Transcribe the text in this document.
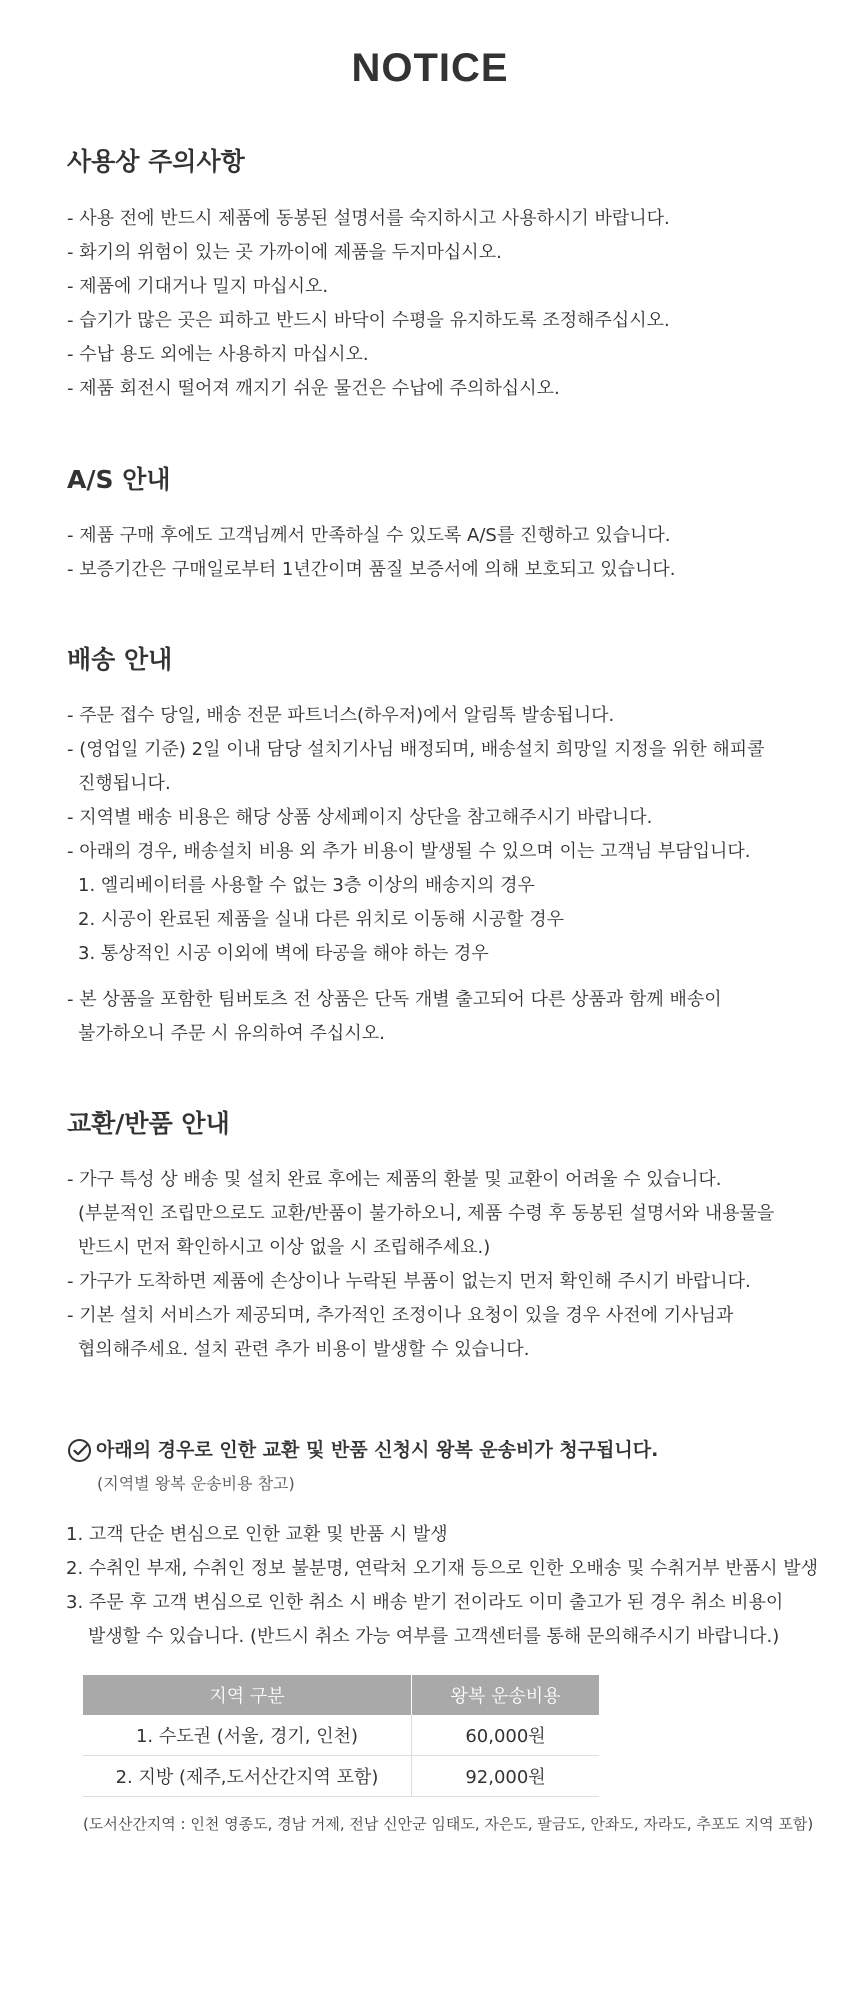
NOTICE
사용상 주의사항
- 사용 전에 반드시 제품에 동봉된 설명서를 숙지하시고 사용하시기 바랍니다.
- 화기의 위험이 있는 곳 가까이에 제품을 두지마십시오.
- 제품에 기대거나 밀지 마십시오.
- 습기가 많은 곳은 피하고 반드시 바닥이 수평을 유지하도록 조정해주십시오.
- 수납 용도 외에는 사용하지 마십시오.
- 제품 회전시 떨어져 깨지기 쉬운 물건은 수납에 주의하십시오.
A/S 안내
- 제품 구매 후에도 고객님께서 만족하실 수 있도록 A/S를 진행하고 있습니다.
- 보증기간은 구매일로부터 1년간이며 품질 보증서에 의해 보호되고 있습니다.
배송 안내
- 주문 접수 당일, 배송 전문 파트너스(하우저)에서 알림톡 발송됩니다.
- (영업일 기준) 2일 이내 담당 설치기사님 배정되며, 배송설치 희망일 지정을 위한 해피콜
진행됩니다.
- 지역별 배송 비용은 해당 상품 상세페이지 상단을 참고해주시기 바랍니다.
- 아래의 경우, 배송설치 비용 외 추가 비용이 발생될 수 있으며 이는 고객님 부담입니다.
1. 엘리베이터를 사용할 수 없는 3층 이상의 배송지의 경우
2. 시공이 완료된 제품을 실내 다른 위치로 이동해 시공할 경우
3. 통상적인 시공 이외에 벽에 타공을 해야 하는 경우
- 본 상품을 포함한 팀버토츠 전 상품은 단독 개별 출고되어 다른 상품과 함께 배송이
불가하오니 주문 시 유의하여 주십시오.
교환/반품 안내
- 가구 특성 상 배송 및 설치 완료 후에는 제품의 환불 및 교환이 어려울 수 있습니다.
(부분적인 조립만으로도 교환/반품이 불가하오니, 제품 수령 후 동봉된 설명서와 내용물을
반드시 먼저 확인하시고 이상 없을 시 조립해주세요.)
- 가구가 도착하면 제품에 손상이나 누락된 부품이 없는지 먼저 확인해 주시기 바랍니다.
- 기본 설치 서비스가 제공되며, 추가적인 조정이나 요청이 있을 경우 사전에 기사님과
협의해주세요. 설치 관련 추가 비용이 발생할 수 있습니다.
아래의 경우로 인한 교환 및 반품 신청시 왕복 운송비가 청구됩니다.
(지역별 왕복 운송비용 참고)
1. 고객 단순 변심으로 인한 교환 및 반품 시 발생
2. 수취인 부재, 수취인 정보 불분명, 연락처 오기재 등으로 인한 오배송 및 수취거부 반품시 발생
3. 주문 후 고객 변심으로 인한 취소 시 배송 받기 전이라도 이미 출고가 된 경우 취소 비용이
발생할 수 있습니다. (반드시 취소 가능 여부를 고객센터를 통해 문의해주시기 바랍니다.)
지역 구분	왕복 운송비용
1. 수도권 (서울, 경기, 인천)	60,000원
2. 지방 (제주,도서산간지역 포함)	92,000원
(도서산간지역 : 인천 영종도, 경남 거제, 전남 신안군 임태도, 자은도, 팔금도, 안좌도, 자라도, 추포도 지역 포함)
